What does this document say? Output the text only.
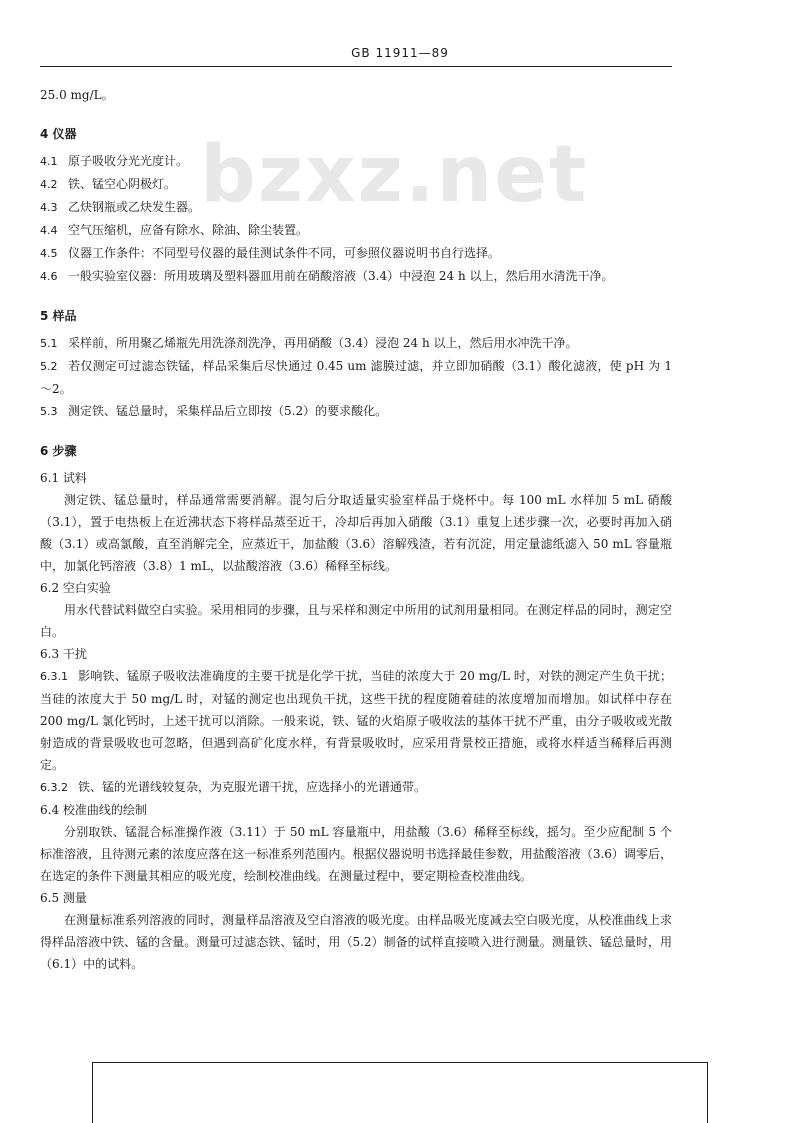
GB 11911—89
bzxz.net

25.0 mg/L。

4 仪器

4.1 原子吸收分光光度计。

4.2 铁、锰空心阴极灯。

4.3 乙炔钢瓶或乙炔发生器。

4.4 空气压缩机，应备有除水、除油、除尘装置。

4.5 仪器工作条件：不同型号仪器的最佳测试条件不同，可参照仪器说明书自行选择。

4.6 一般实验室仪器：所用玻璃及塑料器皿用前在硝酸溶液（3.4）中浸泡 24 h 以上，然后用水清洗干净。

5 样品

5.1 采样前，所用聚乙烯瓶先用洗涤剂洗净，再用硝酸（3.4）浸泡 24 h 以上，然后用水冲洗干净。

5.2 若仅测定可过滤态铁锰，样品采集后尽快通过 0.45 um 滤膜过滤，并立即加硝酸（3.1）酸化滤液，使 pH 为 1～2。

5.3 测定铁、锰总量时，采集样品后立即按（5.2）的要求酸化。

6 步骤

6.1 试料

测定铁、锰总量时，样品通常需要消解。混匀后分取适量实验室样品于烧杯中。每 100 mL 水样加 5 mL 硝酸（3.1），置于电热板上在近沸状态下将样品蒸至近干，冷却后再加入硝酸（3.1）重复上述步骤一次，必要时再加入硝酸（3.1）或高氯酸，直至消解完全，应蒸近干，加盐酸（3.6）溶解残渣，若有沉淀，用定量滤纸滤入 50 mL 容量瓶中，加氯化钙溶液（3.8）1 mL，以盐酸溶液（3.6）稀释至标线。

6.2 空白实验

用水代替试料做空白实验。采用相同的步骤，且与采样和测定中所用的试剂用量相同。在测定样品的同时，测定空白。

6.3 干扰

6.3.1 影响铁、锰原子吸收法准确度的主要干扰是化学干扰，当硅的浓度大于 20 mg/L 时，对铁的测定产生负干扰；当硅的浓度大于 50 mg/L 时，对锰的测定也出现负干扰，这些干扰的程度随着硅的浓度增加而增加。如试样中存在 200 mg/L 氯化钙时，上述干扰可以消除。一般来说，铁、锰的火焰原子吸收法的基体干扰不严重，由分子吸收或光散射造成的背景吸收也可忽略，但遇到高矿化度水样，有背景吸收时，应采用背景校正措施，或将水样适当稀释后再测定。

6.3.2 铁、锰的光谱线较复杂，为克服光谱干扰，应选择小的光谱通带。

6.4 校准曲线的绘制

分别取铁、锰混合标准操作液（3.11）于 50 mL 容量瓶中，用盐酸（3.6）稀释至标线，摇匀。至少应配制 5 个标准溶液，且待测元素的浓度应落在这一标准系列范围内。根据仪器说明书选择最佳参数，用盐酸溶液（3.6）调零后，在选定的条件下测量其相应的吸光度，绘制校准曲线。在测量过程中，要定期检查校准曲线。

6.5 测量

在测量标准系列溶液的同时，测量样品溶液及空白溶液的吸光度。由样品吸光度减去空白吸光度，从校准曲线上求得样品溶液中铁、锰的含量。测量可过滤态铁、锰时，用（5.2）制备的试样直接喷入进行测量。测量铁、锰总量时，用（6.1）中的试料。
